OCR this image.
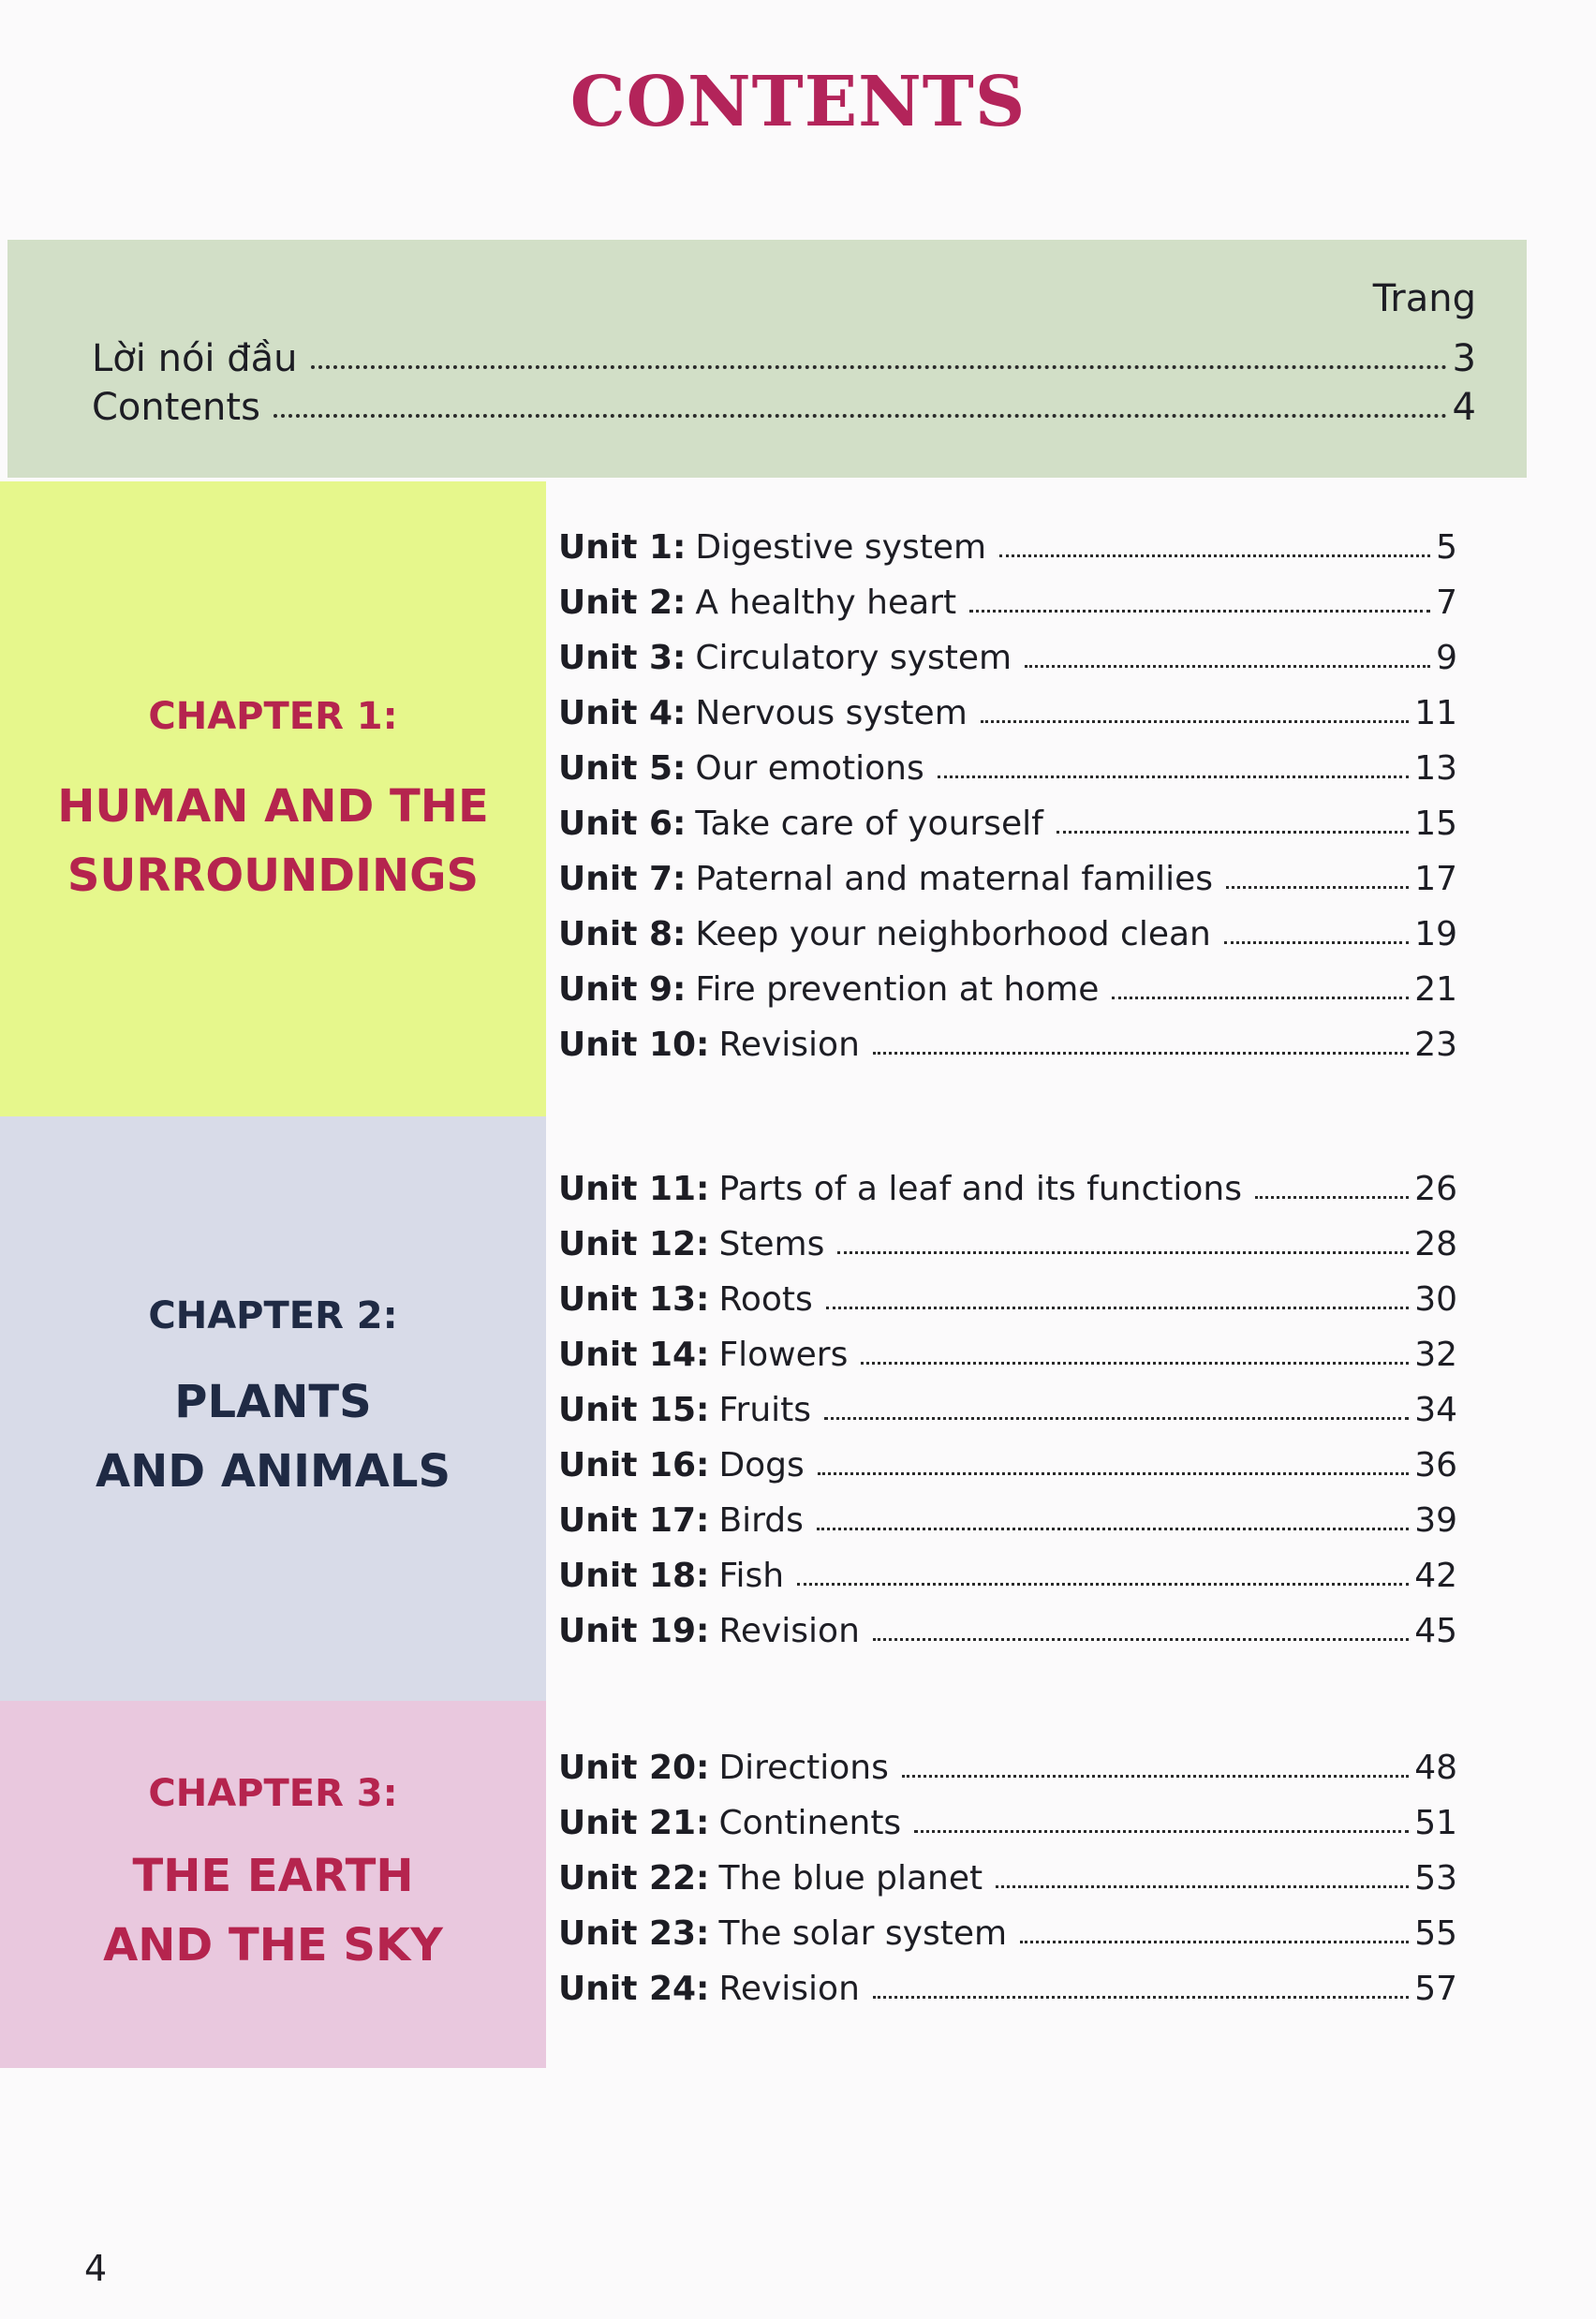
CONTENTS
Trang
Lời nói đầu	3
Contents	4
CHAPTER 1:
HUMAN AND THE
SURROUNDINGS
CHAPTER 2:
PLANTS
AND ANIMALS
CHAPTER 3:
THE EARTH
AND THE SKY
Unit 1: Digestive system	5
Unit 2: A healthy heart	7
Unit 3: Circulatory system	9
Unit 4: Nervous system	11
Unit 5: Our emotions	13
Unit 6: Take care of yourself	15
Unit 7: Paternal and maternal families	17
Unit 8: Keep your neighborhood clean	19
Unit 9: Fire prevention at home	21
Unit 10: Revision	23
Unit 11: Parts of a leaf and its functions	26
Unit 12: Stems	28
Unit 13: Roots	30
Unit 14: Flowers	32
Unit 15: Fruits	34
Unit 16: Dogs	36
Unit 17: Birds	39
Unit 18: Fish	42
Unit 19: Revision	45
Unit 20: Directions	48
Unit 21: Continents	51
Unit 22: The blue planet	53
Unit 23: The solar system	55
Unit 24: Revision	57
4
